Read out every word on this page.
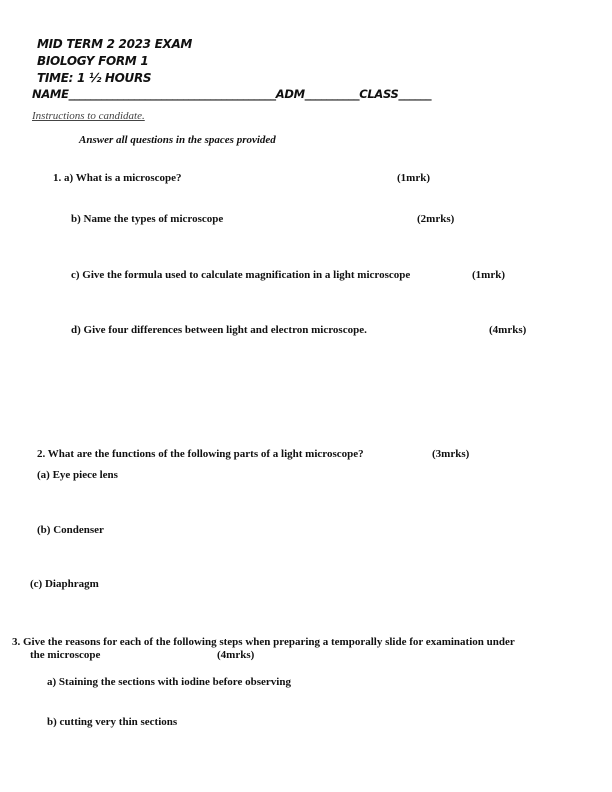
MID TERM 2 2023 EXAM
BIOLOGY FORM 1
TIME: 1 ½ HOURS
NAME______________________________________ADM__________CLASS______
Instructions to candidate.
Answer all questions in the spaces provided
1. a) What is a microscope?	(1mrk)
b) Name the types of microscope	(2mrks)
c) Give the formula used to calculate magnification in a light microscope	(1mrk)
d) Give four differences between light and electron microscope.	(4mrks)
2. What are the functions of the following parts of a light microscope?	(3mrks)
(a) Eye piece lens
(b) Condenser
(c) Diaphragm
3. Give the reasons for each of the following steps when preparing a temporally slide for examination under
the microscope	(4mrks)
a) Staining the sections with iodine before observing
b) cutting very thin sections
